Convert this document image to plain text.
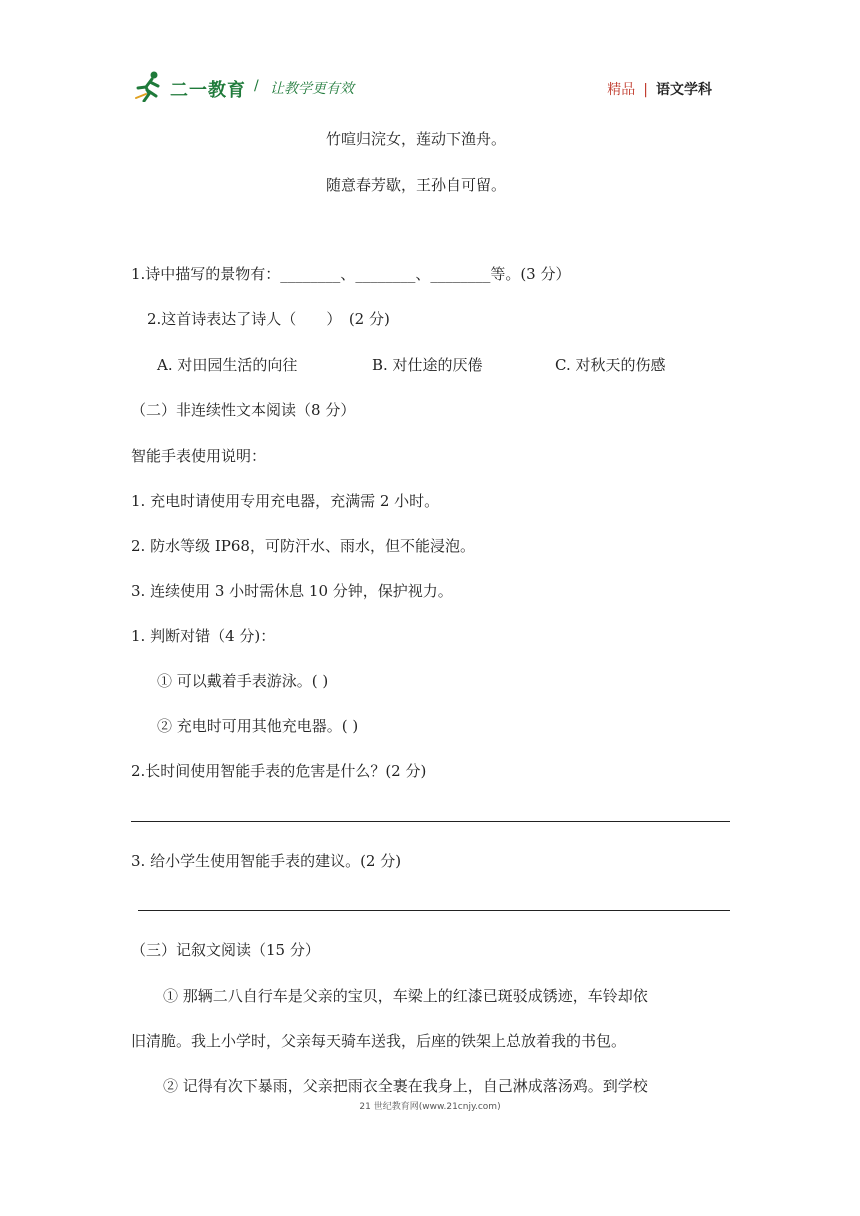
二一教育 / 让教学更有效	精品 | 语文学科
竹喧归浣女，莲动下渔舟。
随意春芳歇，王孙自可留。
1.诗中描写的景物有：________、________、________等。(3 分）
2.这首诗表达了诗人（　　）　(2 分)
A. 对田园生活的向往	B. 对仕途的厌倦	C. 对秋天的伤感
（二）非连续性文本阅读（8 分）
智能手表使用说明：
1. 充电时请使用专用充电器，充满需 2 小时。
2. 防水等级 IP68，可防汗水、雨水，但不能浸泡。
3. 连续使用 3 小时需休息 10 分钟，保护视力。
1. 判断对错（4 分)：
① 可以戴着手表游泳。( )
② 充电时可用其他充电器。( )
2.长时间使用智能手表的危害是什么？(2 分)
3. 给小学生使用智能手表的建议。(2 分)
（三）记叙文阅读（15 分）
① 那辆二八自行车是父亲的宝贝，车梁上的红漆已斑驳成锈迹，车铃却依
旧清脆。我上小学时，父亲每天骑车送我，后座的铁架上总放着我的书包。
② 记得有次下暴雨，父亲把雨衣全裹在我身上，自己淋成落汤鸡。到学校
21 世纪教育网(www.21cnjy.com)
